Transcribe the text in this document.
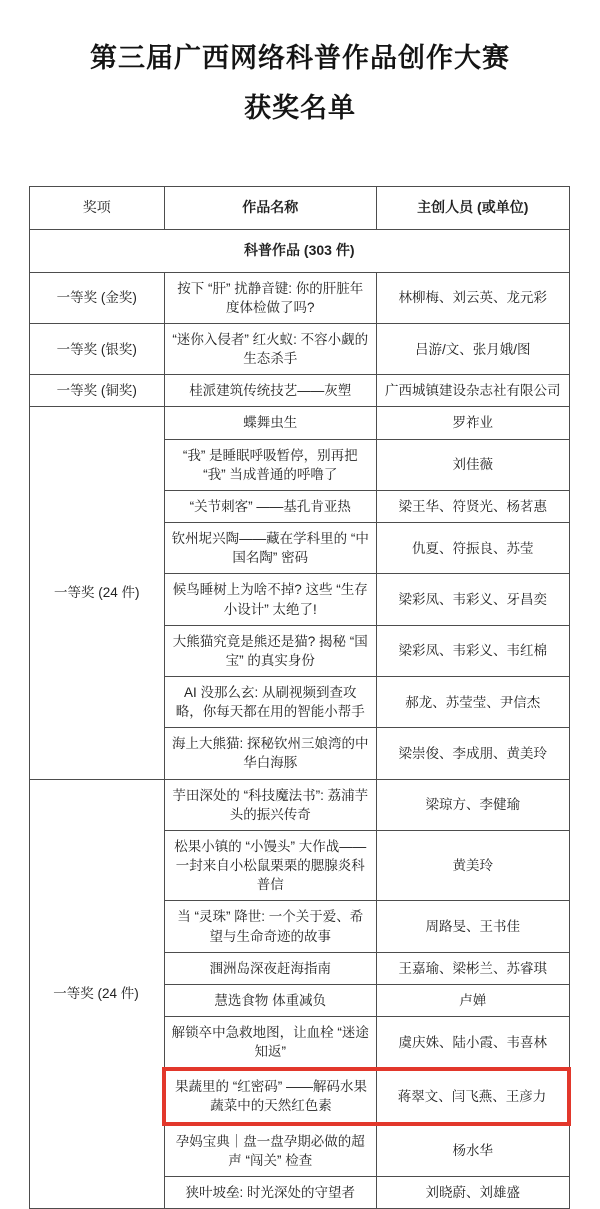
第三届广西网络科普作品创作大赛
获奖名单
奖项	作品名称	主创人员 (或单位)
科普作品 (303 件)		
一等奖 (金奖)	按下 “肝” 扰静音键: 你的肝脏年度体检做了吗?	林柳梅、刘云英、龙元彩
一等奖 (银奖)	“迷你入侵者” 红火蚁: 不容小觑的生态杀手	吕游/文、张月娥/图
一等奖 (铜奖)	桂派建筑传统技艺——灰塑	广西城镇建设杂志社有限公司
一等奖 (24 件)	蝶舞虫生	罗祚业
	“我” 是睡眠呼吸暂停，别再把 “我” 当成普通的呼噜了	刘佳薇
	“关节刺客” ——基孔肯亚热	梁王华、符贤光、杨茗惠
	钦州坭兴陶——藏在学科里的 “中国名陶” 密码	仇夏、符振良、苏莹
	候鸟睡树上为啥不掉? 这些 “生存小设计” 太绝了!	梁彩凤、韦彩义、牙昌奕
	大熊猫究竟是熊还是猫? 揭秘 “国宝” 的真实身份	梁彩凤、韦彩义、韦红棉
	AI 没那么玄: 从刷视频到查攻略，你每天都在用的智能小帮手	郝龙、苏莹莹、尹信杰
	海上大熊猫: 探秘钦州三娘湾的中华白海豚	梁崇俊、李成朋、黄美玲
一等奖 (24 件)	芋田深处的 “科技魔法书”: 荔浦芋头的振兴传奇	梁琼方、李健瑜
	松果小镇的 “小馒头” 大作战——一封来自小松鼠栗栗的腮腺炎科普信	黄美玲
	当 “灵珠” 降世: 一个关于爱、希望与生命奇迹的故事	周路旻、王书佳
	涠洲岛深夜赶海指南	王嘉瑜、梁彬兰、苏睿琪
	慧选食物 体重减负	卢婵
	解锁卒中急救地图，让血栓 “迷途知返”	虞庆姝、陆小霞、韦喜林
	果蔬里的 “红密码” ——解码水果蔬菜中的天然红色素	蒋翠文、闫飞燕、王彦力
	孕妈宝典｜盘一盘孕期必做的超声 “闯关” 检查	杨水华
	狭叶坡垒: 时光深处的守望者	刘晓蔚、刘雄盛
